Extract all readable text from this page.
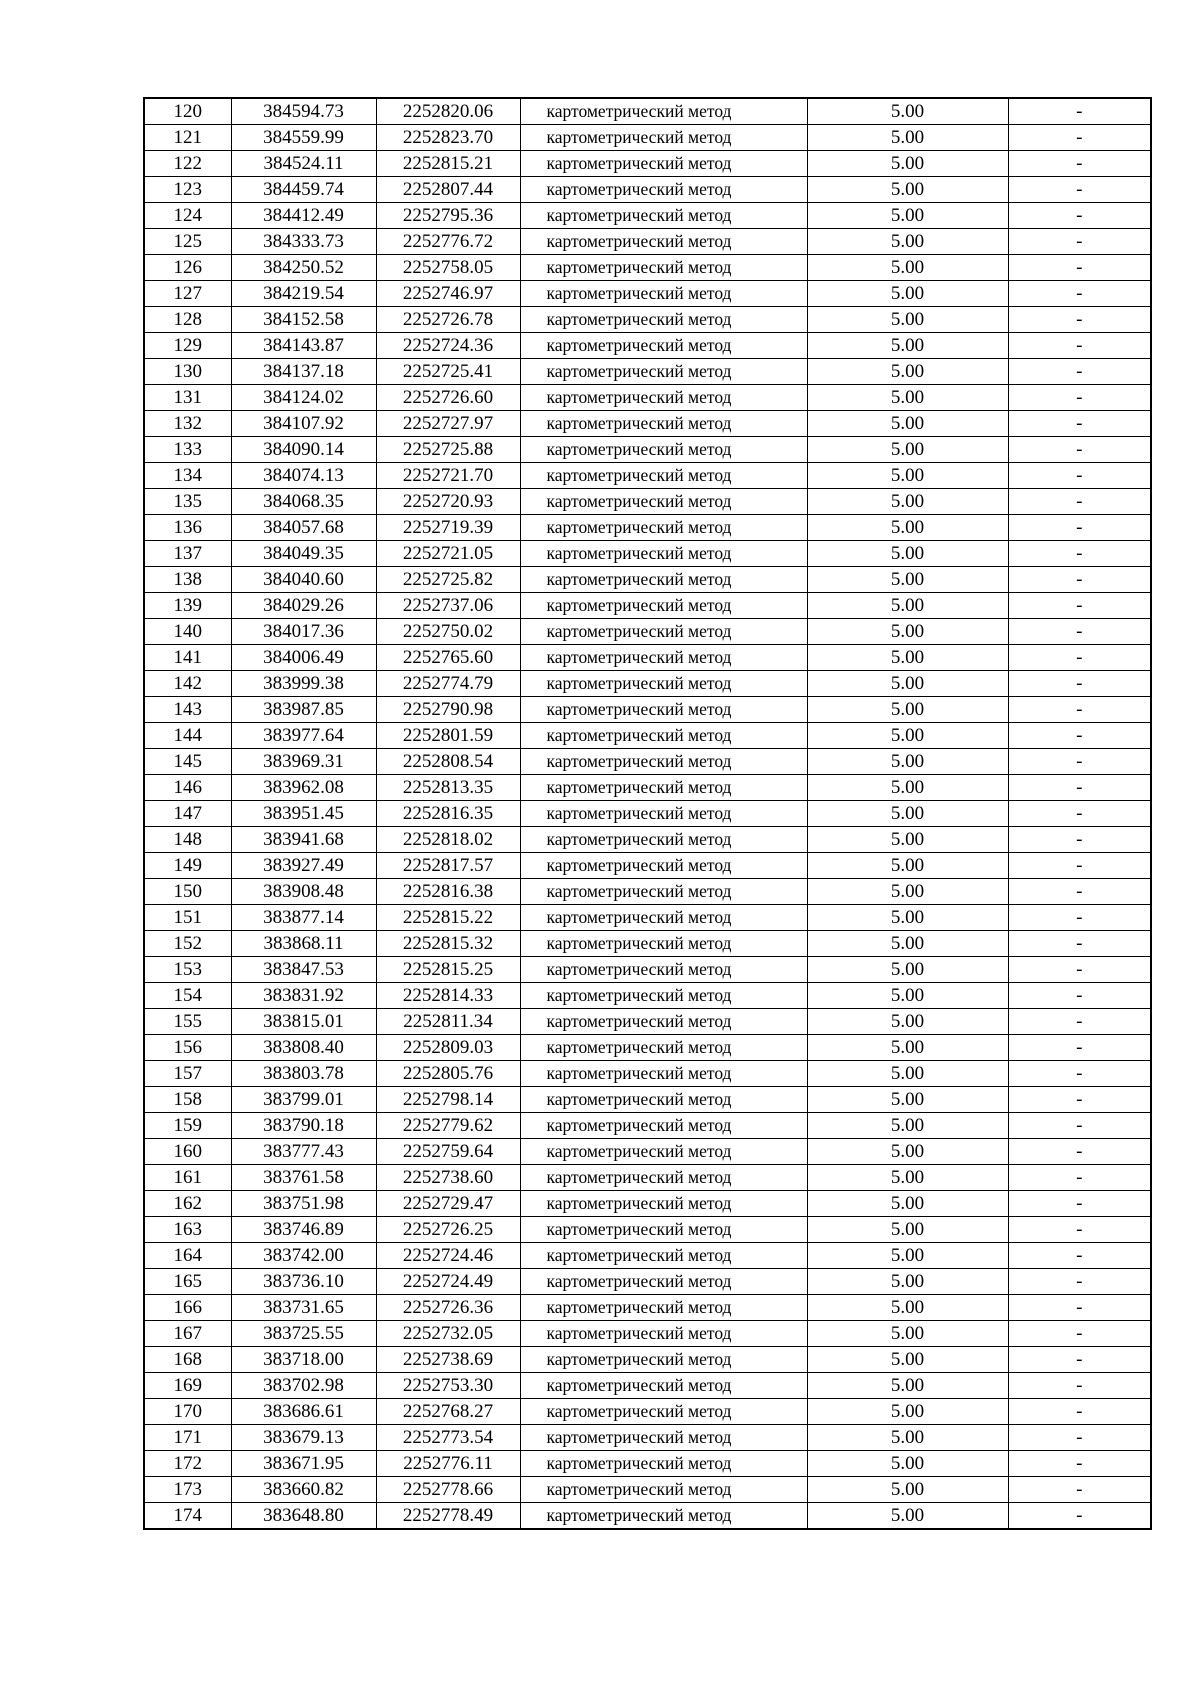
120	384594.73	2252820.06	картометрический метод	5.00	-
121	384559.99	2252823.70	картометрический метод	5.00	-
122	384524.11	2252815.21	картометрический метод	5.00	-
123	384459.74	2252807.44	картометрический метод	5.00	-
124	384412.49	2252795.36	картометрический метод	5.00	-
125	384333.73	2252776.72	картометрический метод	5.00	-
126	384250.52	2252758.05	картометрический метод	5.00	-
127	384219.54	2252746.97	картометрический метод	5.00	-
128	384152.58	2252726.78	картометрический метод	5.00	-
129	384143.87	2252724.36	картометрический метод	5.00	-
130	384137.18	2252725.41	картометрический метод	5.00	-
131	384124.02	2252726.60	картометрический метод	5.00	-
132	384107.92	2252727.97	картометрический метод	5.00	-
133	384090.14	2252725.88	картометрический метод	5.00	-
134	384074.13	2252721.70	картометрический метод	5.00	-
135	384068.35	2252720.93	картометрический метод	5.00	-
136	384057.68	2252719.39	картометрический метод	5.00	-
137	384049.35	2252721.05	картометрический метод	5.00	-
138	384040.60	2252725.82	картометрический метод	5.00	-
139	384029.26	2252737.06	картометрический метод	5.00	-
140	384017.36	2252750.02	картометрический метод	5.00	-
141	384006.49	2252765.60	картометрический метод	5.00	-
142	383999.38	2252774.79	картометрический метод	5.00	-
143	383987.85	2252790.98	картометрический метод	5.00	-
144	383977.64	2252801.59	картометрический метод	5.00	-
145	383969.31	2252808.54	картометрический метод	5.00	-
146	383962.08	2252813.35	картометрический метод	5.00	-
147	383951.45	2252816.35	картометрический метод	5.00	-
148	383941.68	2252818.02	картометрический метод	5.00	-
149	383927.49	2252817.57	картометрический метод	5.00	-
150	383908.48	2252816.38	картометрический метод	5.00	-
151	383877.14	2252815.22	картометрический метод	5.00	-
152	383868.11	2252815.32	картометрический метод	5.00	-
153	383847.53	2252815.25	картометрический метод	5.00	-
154	383831.92	2252814.33	картометрический метод	5.00	-
155	383815.01	2252811.34	картометрический метод	5.00	-
156	383808.40	2252809.03	картометрический метод	5.00	-
157	383803.78	2252805.76	картометрический метод	5.00	-
158	383799.01	2252798.14	картометрический метод	5.00	-
159	383790.18	2252779.62	картометрический метод	5.00	-
160	383777.43	2252759.64	картометрический метод	5.00	-
161	383761.58	2252738.60	картометрический метод	5.00	-
162	383751.98	2252729.47	картометрический метод	5.00	-
163	383746.89	2252726.25	картометрический метод	5.00	-
164	383742.00	2252724.46	картометрический метод	5.00	-
165	383736.10	2252724.49	картометрический метод	5.00	-
166	383731.65	2252726.36	картометрический метод	5.00	-
167	383725.55	2252732.05	картометрический метод	5.00	-
168	383718.00	2252738.69	картометрический метод	5.00	-
169	383702.98	2252753.30	картометрический метод	5.00	-
170	383686.61	2252768.27	картометрический метод	5.00	-
171	383679.13	2252773.54	картометрический метод	5.00	-
172	383671.95	2252776.11	картометрический метод	5.00	-
173	383660.82	2252778.66	картометрический метод	5.00	-
174	383648.80	2252778.49	картометрический метод	5.00	-
